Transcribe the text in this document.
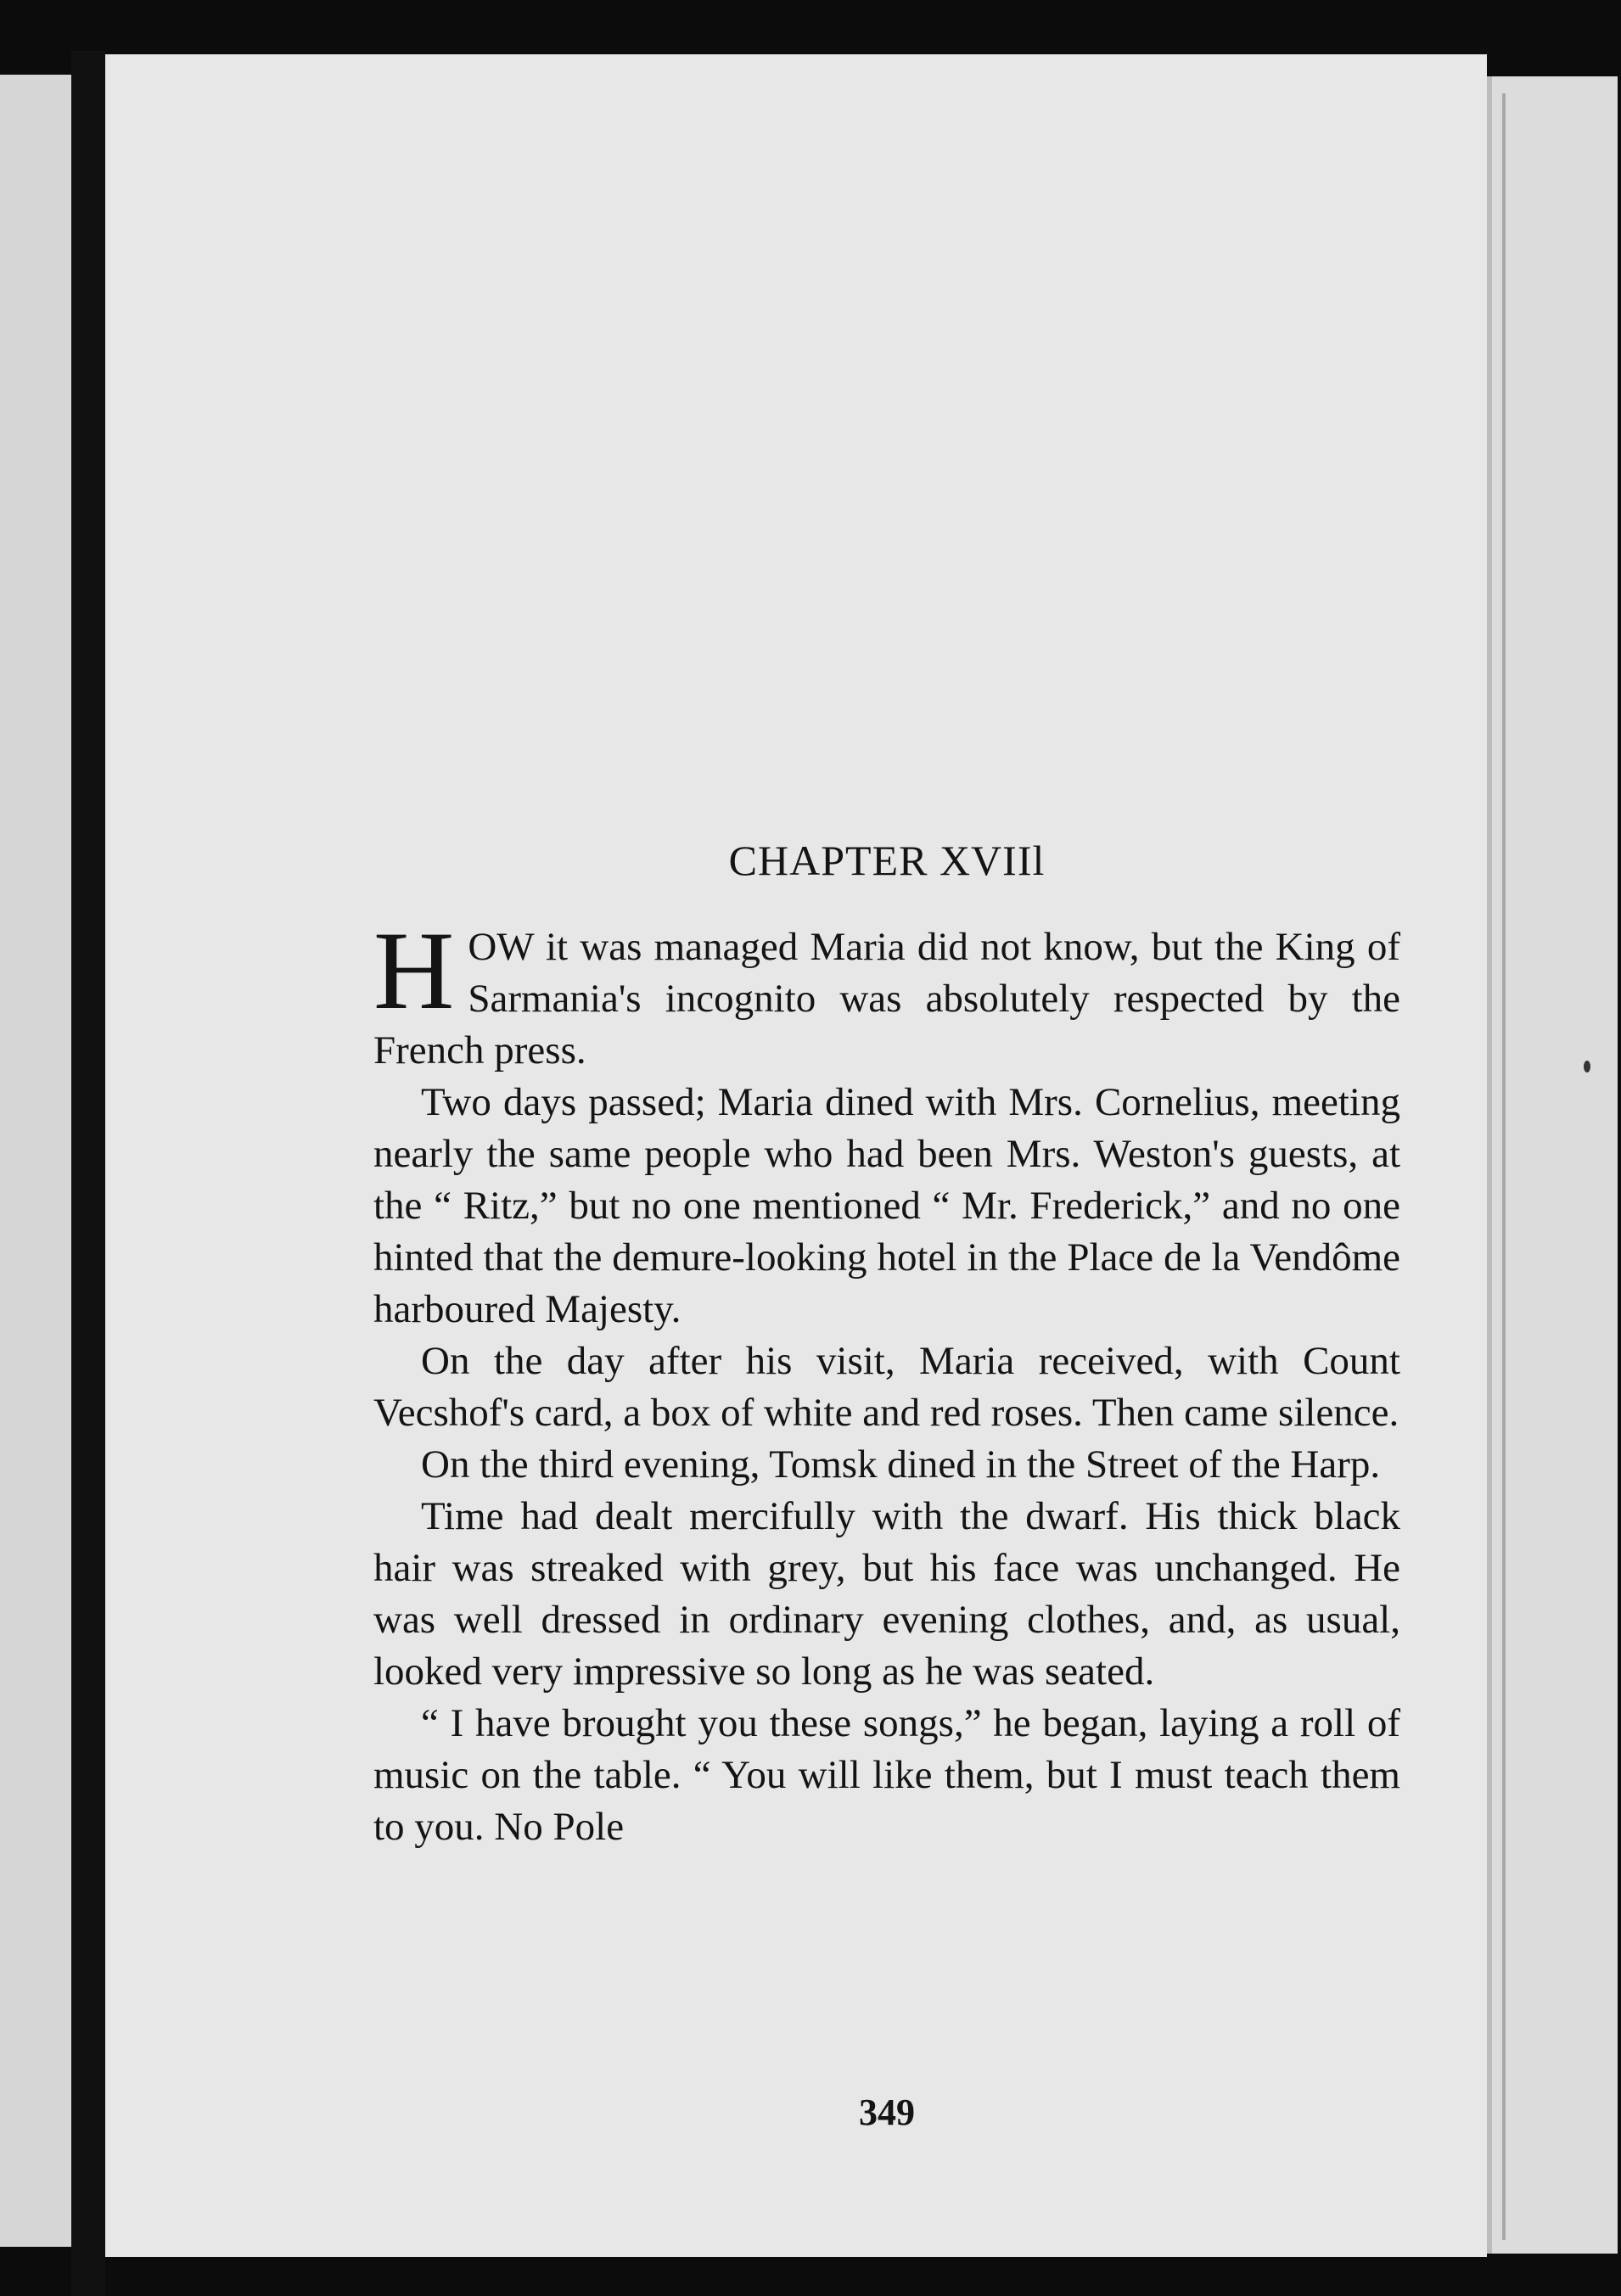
CHAPTER XVIIl

HOW it was managed Maria did not know, but the King of Sarmania's incognito was absolutely respected by the French press.

Two days passed; Maria dined with Mrs. Cornelius, meeting nearly the same people who had been Mrs. Weston's guests, at the “ Ritz,” but no one mentioned “ Mr. Frederick,” and no one hinted that the demure-looking hotel in the Place de la Vendôme harboured Majesty.

On the day after his visit, Maria received, with Count Vecshof's card, a box of white and red roses. Then came silence.

On the third evening, Tomsk dined in the Street of the Harp.

Time had dealt mercifully with the dwarf. His thick black hair was streaked with grey, but his face was unchanged. He was well dressed in ordinary evening clothes, and, as usual, looked very impressive so long as he was seated.

“ I have brought you these songs,” he began, laying a roll of music on the table. “ You will like them, but I must teach them to you. No Pole

349
